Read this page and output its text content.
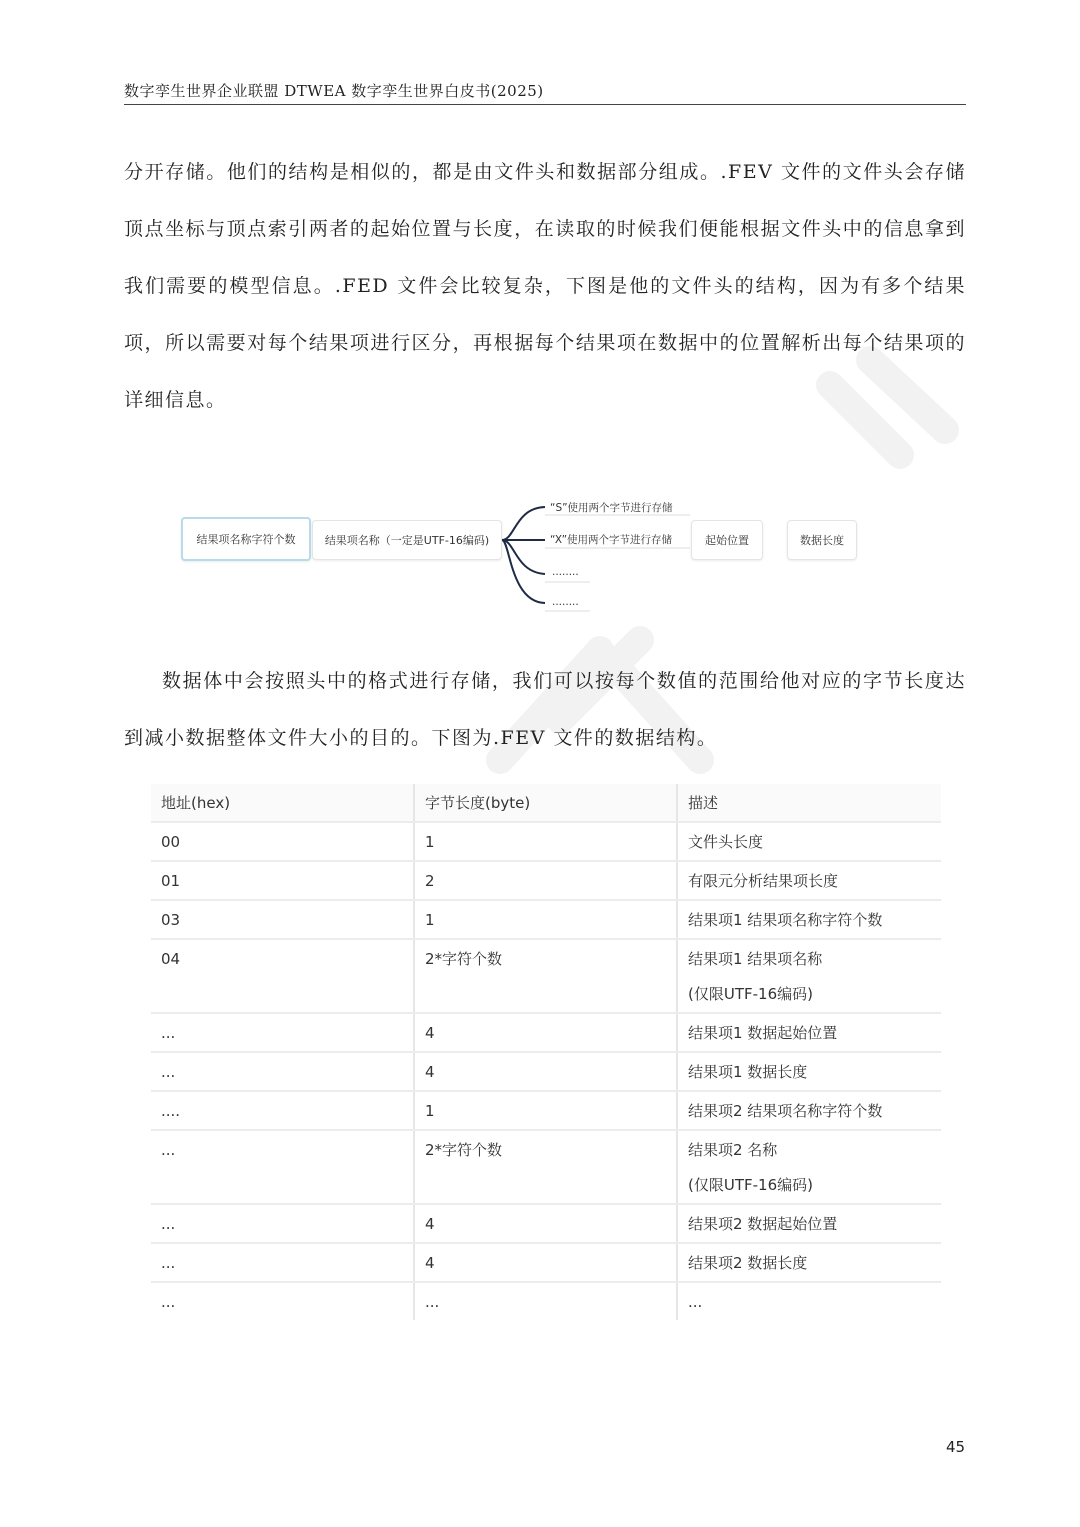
数字孪生世界企业联盟 DTWEA 数字孪生世界白皮书(2025)

分开存储。他们的结构是相似的，都是由文件头和数据部分组成。.FEV 文件的文件头会存储顶点坐标与顶点索引两者的起始位置与长度，在读取的时候我们便能根据文件头中的信息拿到我们需要的模型信息。.FED 文件会比较复杂，下图是他的文件头的结构，因为有多个结果项，所以需要对每个结果项进行区分，再根据每个结果项在数据中的位置解析出每个结果项的详细信息。

结果项名称字符个数	结果项名称（一定是UTF-16编码)
“S”使用两个字节进行存储
“X”使用两个字节进行存储
........
........
起始位置	数据长度

数据体中会按照头中的格式进行存储，我们可以按每个数值的范围给他对应的字节长度达到减小数据整体文件大小的目的。下图为.FEV 文件的数据结构。

地址(hex)	字节长度(byte)	描述
00	1	文件头长度

01	2	有限元分析结果项长度

03	1	结果项1 结果项名称字符个数

04	2*字符个数	结果项1 结果项名称
(仅限UTF-16编码)

...	4	结果项1 数据起始位置

...	4	结果项1 数据长度

....	1	结果项2 结果项名称字符个数

...	2*字符个数	结果项2 名称
(仅限UTF-16编码)

...	4	结果项2 数据起始位置

...	4	结果项2 数据长度

...	...	...
45
